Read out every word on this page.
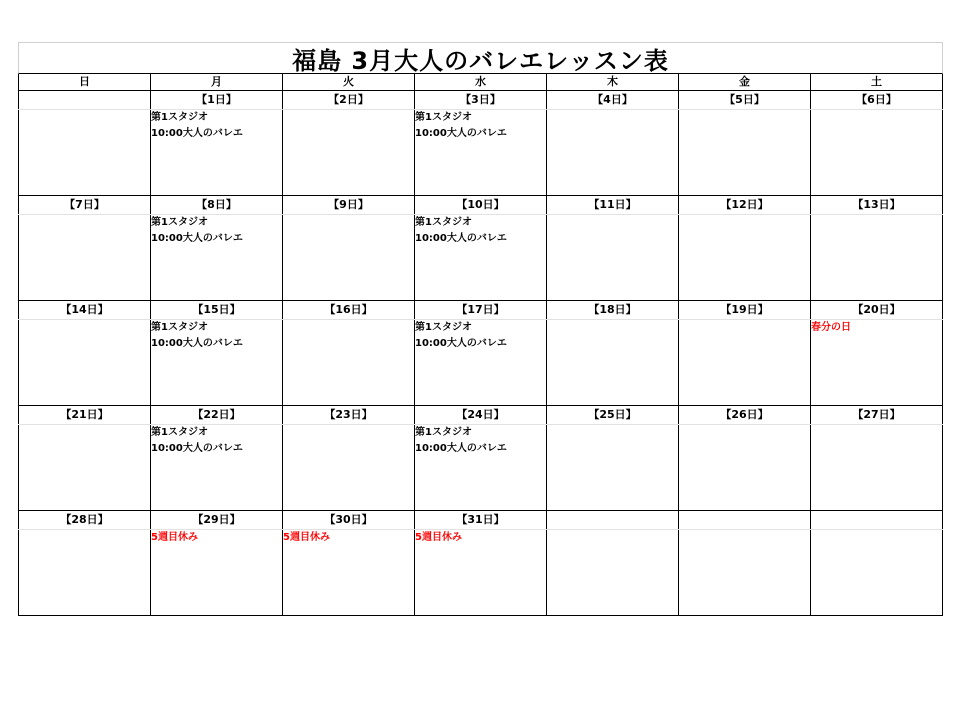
福島 3月大人のバレエレッスン表
日	月	火	水	木	金	土
	【1日】	【2日】	【3日】	【4日】	【5日】	【6日】

	第1スタジオ
10:00大人のバレエ		第1スタジオ
10:00大人のバレエ			

【7日】	【8日】	【9日】	【10日】	【11日】	【12日】	【13日】

	第1スタジオ
10:00大人のバレエ		第1スタジオ
10:00大人のバレエ			

【14日】	【15日】	【16日】	【17日】	【18日】	【19日】	【20日】

	第1スタジオ
10:00大人のバレエ		第1スタジオ
10:00大人のバレエ			春分の日

【21日】	【22日】	【23日】	【24日】	【25日】	【26日】	【27日】

	第1スタジオ
10:00大人のバレエ		第1スタジオ
10:00大人のバレエ			

【28日】	【29日】	【30日】	【31日】			

	5週目休み	5週目休み	5週目休み			
